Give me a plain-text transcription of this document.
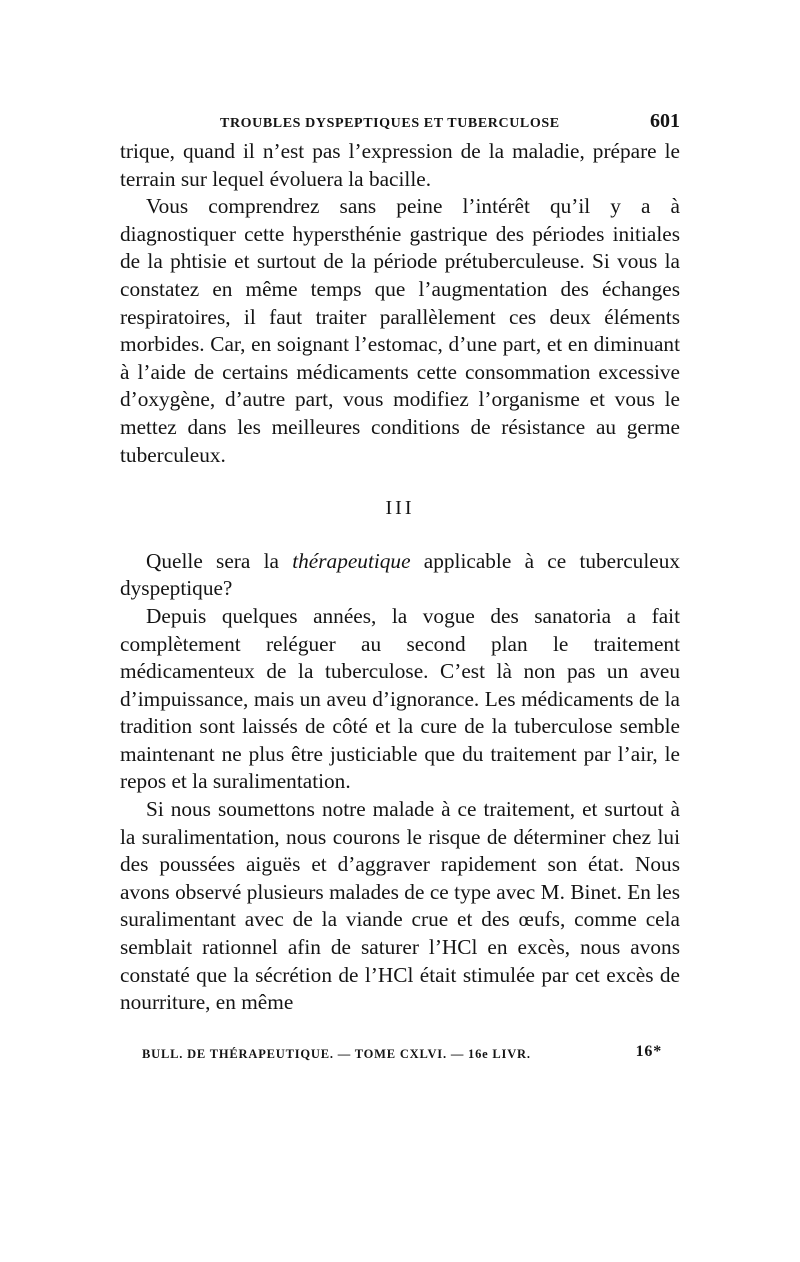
TROUBLES DYSPEPTIQUES ET TUBERCULOSE	601

trique, quand il n’est pas l’expression de la maladie, prépare le terrain sur lequel évoluera la bacille.

Vous comprendrez sans peine l’intérêt qu’il y a à diagnostiquer cette hypersthénie gastrique des périodes initiales de la phtisie et surtout de la période prétuberculeuse. Si vous la constatez en même temps que l’augmentation des échanges respiratoires, il faut traiter parallèlement ces deux éléments morbides. Car, en soignant l’estomac, d’une part, et en diminuant à l’aide de certains médicaments cette consommation excessive d’oxygène, d’autre part, vous modifiez l’organisme et vous le mettez dans les meilleures conditions de résistance au germe tuberculeux.

III

Quelle sera la thérapeutique applicable à ce tuberculeux dyspeptique?

Depuis quelques années, la vogue des sanatoria a fait complètement reléguer au second plan le traitement médicamenteux de la tuberculose. C’est là non pas un aveu d’impuissance, mais un aveu d’ignorance. Les médicaments de la tradition sont laissés de côté et la cure de la tuberculose semble maintenant ne plus être justiciable que du traitement par l’air, le repos et la suralimentation.

Si nous soumettons notre malade à ce traitement, et surtout à la suralimentation, nous courons le risque de déterminer chez lui des poussées aiguës et d’aggraver rapidement son état. Nous avons observé plusieurs malades de ce type avec M. Binet. En les suralimentant avec de la viande crue et des œufs, comme cela semblait rationnel afin de saturer l’HCl en excès, nous avons constaté que la sécrétion de l’HCl était stimulée par cet excès de nourriture, en même

BULL. DE THÉRAPEUTIQUE. — TOME CXLVI. — 16e LIVR.	16*
